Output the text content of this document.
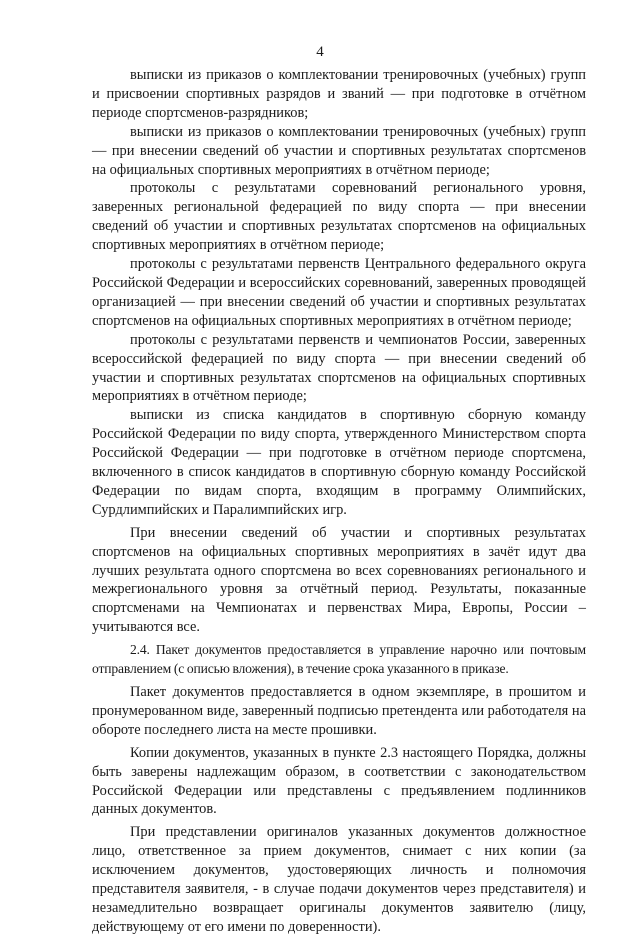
4

выписки из приказов о комплектовании тренировочных (учебных) групп и присвоении спортивных разрядов и званий — при подготовке в отчётном периоде спортсменов-разрядников;

выписки из приказов о комплектовании тренировочных (учебных) групп — при внесении сведений об участии и спортивных результатах спортсменов на официальных спортивных мероприятиях в отчётном периоде;

протоколы с результатами соревнований регионального уровня, заверенных региональной федерацией по виду спорта — при внесении сведений об участии и спортивных результатах спортсменов на официальных спортивных мероприятиях в отчётном периоде;

протоколы с результатами первенств Центрального федерального округа Российской Федерации и всероссийских соревнований, заверенных проводящей организацией — при внесении сведений об участии и спортивных результатах спортсменов на официальных спортивных мероприятиях в отчётном периоде;

протоколы с результатами первенств и чемпионатов России, заверенных всероссийской федерацией по виду спорта — при внесении сведений об участии и спортивных результатах спортсменов на официальных спортивных мероприятиях в отчётном периоде;

выписки из списка кандидатов в спортивную сборную команду Российской Федерации по виду спорта, утвержденного Министерством спорта Российской Федерации — при подготовке в отчётном периоде спортсмена, включенного в список кандидатов в спортивную сборную команду Российской Федерации по видам спорта, входящим в программу Олимпийских, Сурдлимпийских и Паралимпийских игр.

При внесении сведений об участии и спортивных результатах спортсменов на официальных спортивных мероприятиях в зачёт идут два лучших результата одного спортсмена во всех соревнованиях регионального и межрегионального уровня за отчётный период. Результаты, показанные спортсменами на Чемпионатах и первенствах Мира, Европы, России – учитываются все.

2.4. Пакет документов предоставляется в управление нарочно или почтовым отправлением (с описью вложения), в течение срока указанного в приказе.

Пакет документов предоставляется в одном экземпляре, в прошитом и пронумерованном виде, заверенный подписью претендента или работодателя на обороте последнего листа на месте прошивки.

Копии документов, указанных в пункте 2.3 настоящего Порядка, должны быть заверены надлежащим образом, в соответствии с законодательством Российской Федерации или представлены с предъявлением подлинников данных документов.

При представлении оригиналов указанных документов должностное лицо, ответственное за прием документов, снимает с них копии (за исключением документов, удостоверяющих личность и полномочия представителя заявителя, - в случае подачи документов через представителя) и незамедлительно возвращает оригиналы документов заявителю (лицу, действующему от его имени по доверенности).
